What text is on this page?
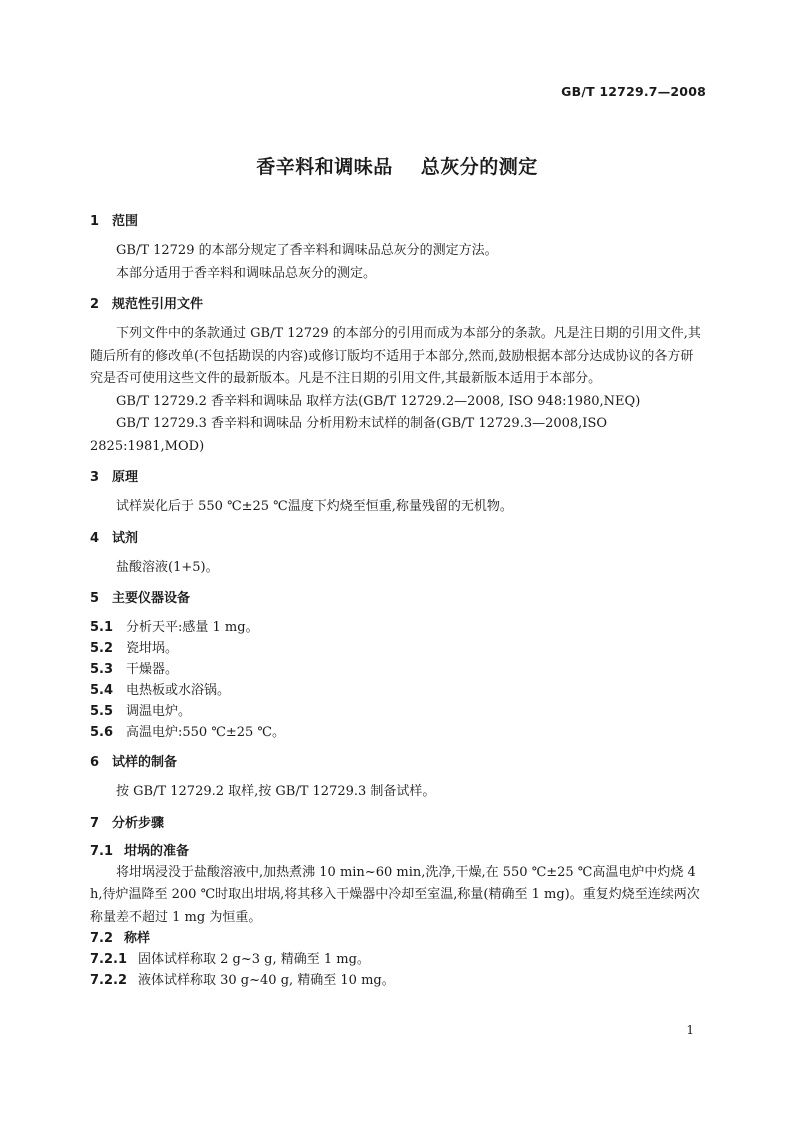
GB/T 12729.7—2008
香辛料和调味品 总灰分的测定
1 范围

GB/T 12729 的本部分规定了香辛料和调味品总灰分的测定方法。

本部分适用于香辛料和调味品总灰分的测定。

2 规范性引用文件

下列文件中的条款通过 GB/T 12729 的本部分的引用而成为本部分的条款。凡是注日期的引用文件,其随后所有的修改单(不包括勘误的内容)或修订版均不适用于本部分,然而,鼓励根据本部分达成协议的各方研究是否可使用这些文件的最新版本。凡是不注日期的引用文件,其最新版本适用于本部分。

GB/T 12729.2 香辛料和调味品 取样方法(GB/T 12729.2—2008, ISO 948:1980,NEQ)

GB/T 12729.3 香辛料和调味品 分析用粉末试样的制备(GB/T 12729.3—2008,ISO 2825:1981,MOD)

3 原理

试样炭化后于 550 ℃±25 ℃温度下灼烧至恒重,称量残留的无机物。

4 试剂

盐酸溶液(1+5)。

5 主要仪器设备

5.1 分析天平:感量 1 mg。

5.2 瓷坩埚。

5.3 干燥器。

5.4 电热板或水浴锅。

5.5 调温电炉。

5.6 高温电炉:550 ℃±25 ℃。

6 试样的制备

按 GB/T 12729.2 取样,按 GB/T 12729.3 制备试样。

7 分析步骤
7.1 坩埚的准备

将坩埚浸没于盐酸溶液中,加热煮沸 10 min~60 min,洗净,干燥,在 550 ℃±25 ℃高温电炉中灼烧 4 h,待炉温降至 200 ℃时取出坩埚,将其移入干燥器中冷却至室温,称量(精确至 1 mg)。重复灼烧至连续两次称量差不超过 1 mg 为恒重。

7.2 称样

7.2.1 固体试样称取 2 g~3 g, 精确至 1 mg。

7.2.2 液体试样称取 30 g~40 g, 精确至 10 mg。

1
